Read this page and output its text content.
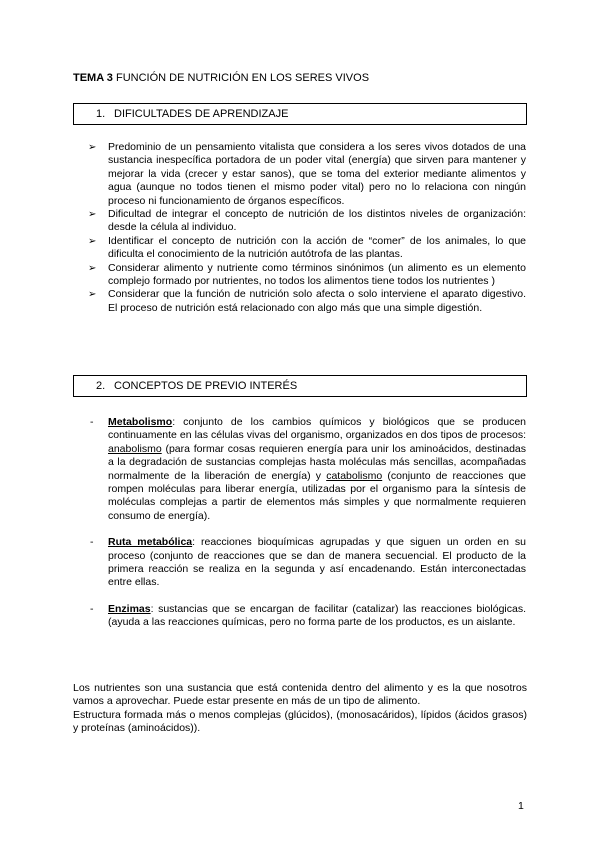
TEMA 3 FUNCIÓN DE NUTRICIÓN EN LOS SERES VIVOS
1. DIFICULTADES DE APRENDIZAJE
➢ Predominio de un pensamiento vitalista que considera a los seres vivos dotados de una sustancia inespecífica portadora de un poder vital (energía) que sirven para mantener y mejorar la vida (crecer y estar sanos), que se toma del exterior mediante alimentos y agua (aunque no todos tienen el mismo poder vital) pero no lo relaciona con ningún proceso ni funcionamiento de órganos específicos.
➢ Dificultad de integrar el concepto de nutrición de los distintos niveles de organización: desde la célula al individuo.
➢ Identificar el concepto de nutrición con la acción de “comer” de los animales, lo que dificulta el conocimiento de la nutrición autótrofa de las plantas.
➢ Considerar alimento y nutriente como términos sinónimos (un alimento es un elemento complejo formado por nutrientes, no todos los alimentos tiene todos los nutrientes )
➢ Considerar que la función de nutrición solo afecta o solo interviene el aparato digestivo. El proceso de nutrición está relacionado con algo más que una simple digestión.
2. CONCEPTOS DE PREVIO INTERÉS
- Metabolismo: conjunto de los cambios químicos y biológicos que se producen continuamente en las células vivas del organismo, organizados en dos tipos de procesos: anabolismo (para formar cosas requieren energía para unir los aminoácidos, destinadas a la degradación de sustancias complejas hasta moléculas más sencillas, acompañadas normalmente de la liberación de energía) y catabolismo (conjunto de reacciones que rompen moléculas para liberar energía, utilizadas por el organismo para la síntesis de moléculas complejas a partir de elementos más simples y que normalmente requieren consumo de energía).
- Ruta metabólica: reacciones bioquímicas agrupadas y que siguen un orden en su proceso (conjunto de reacciones que se dan de manera secuencial. El producto de la primera reacción se realiza en la segunda y así encadenando. Están interconectadas entre ellas.
- Enzimas: sustancias que se encargan de facilitar (catalizar) las reacciones biológicas. (ayuda a las reacciones químicas, pero no forma parte de los productos, es un aislante.
Los nutrientes son una sustancia que está contenida dentro del alimento y es la que nosotros vamos a aprovechar. Puede estar presente en más de un tipo de alimento.
Estructura formada más o menos complejas (glúcidos), (monosacáridos), lípidos (ácidos grasos) y proteínas (aminoácidos)).
1
